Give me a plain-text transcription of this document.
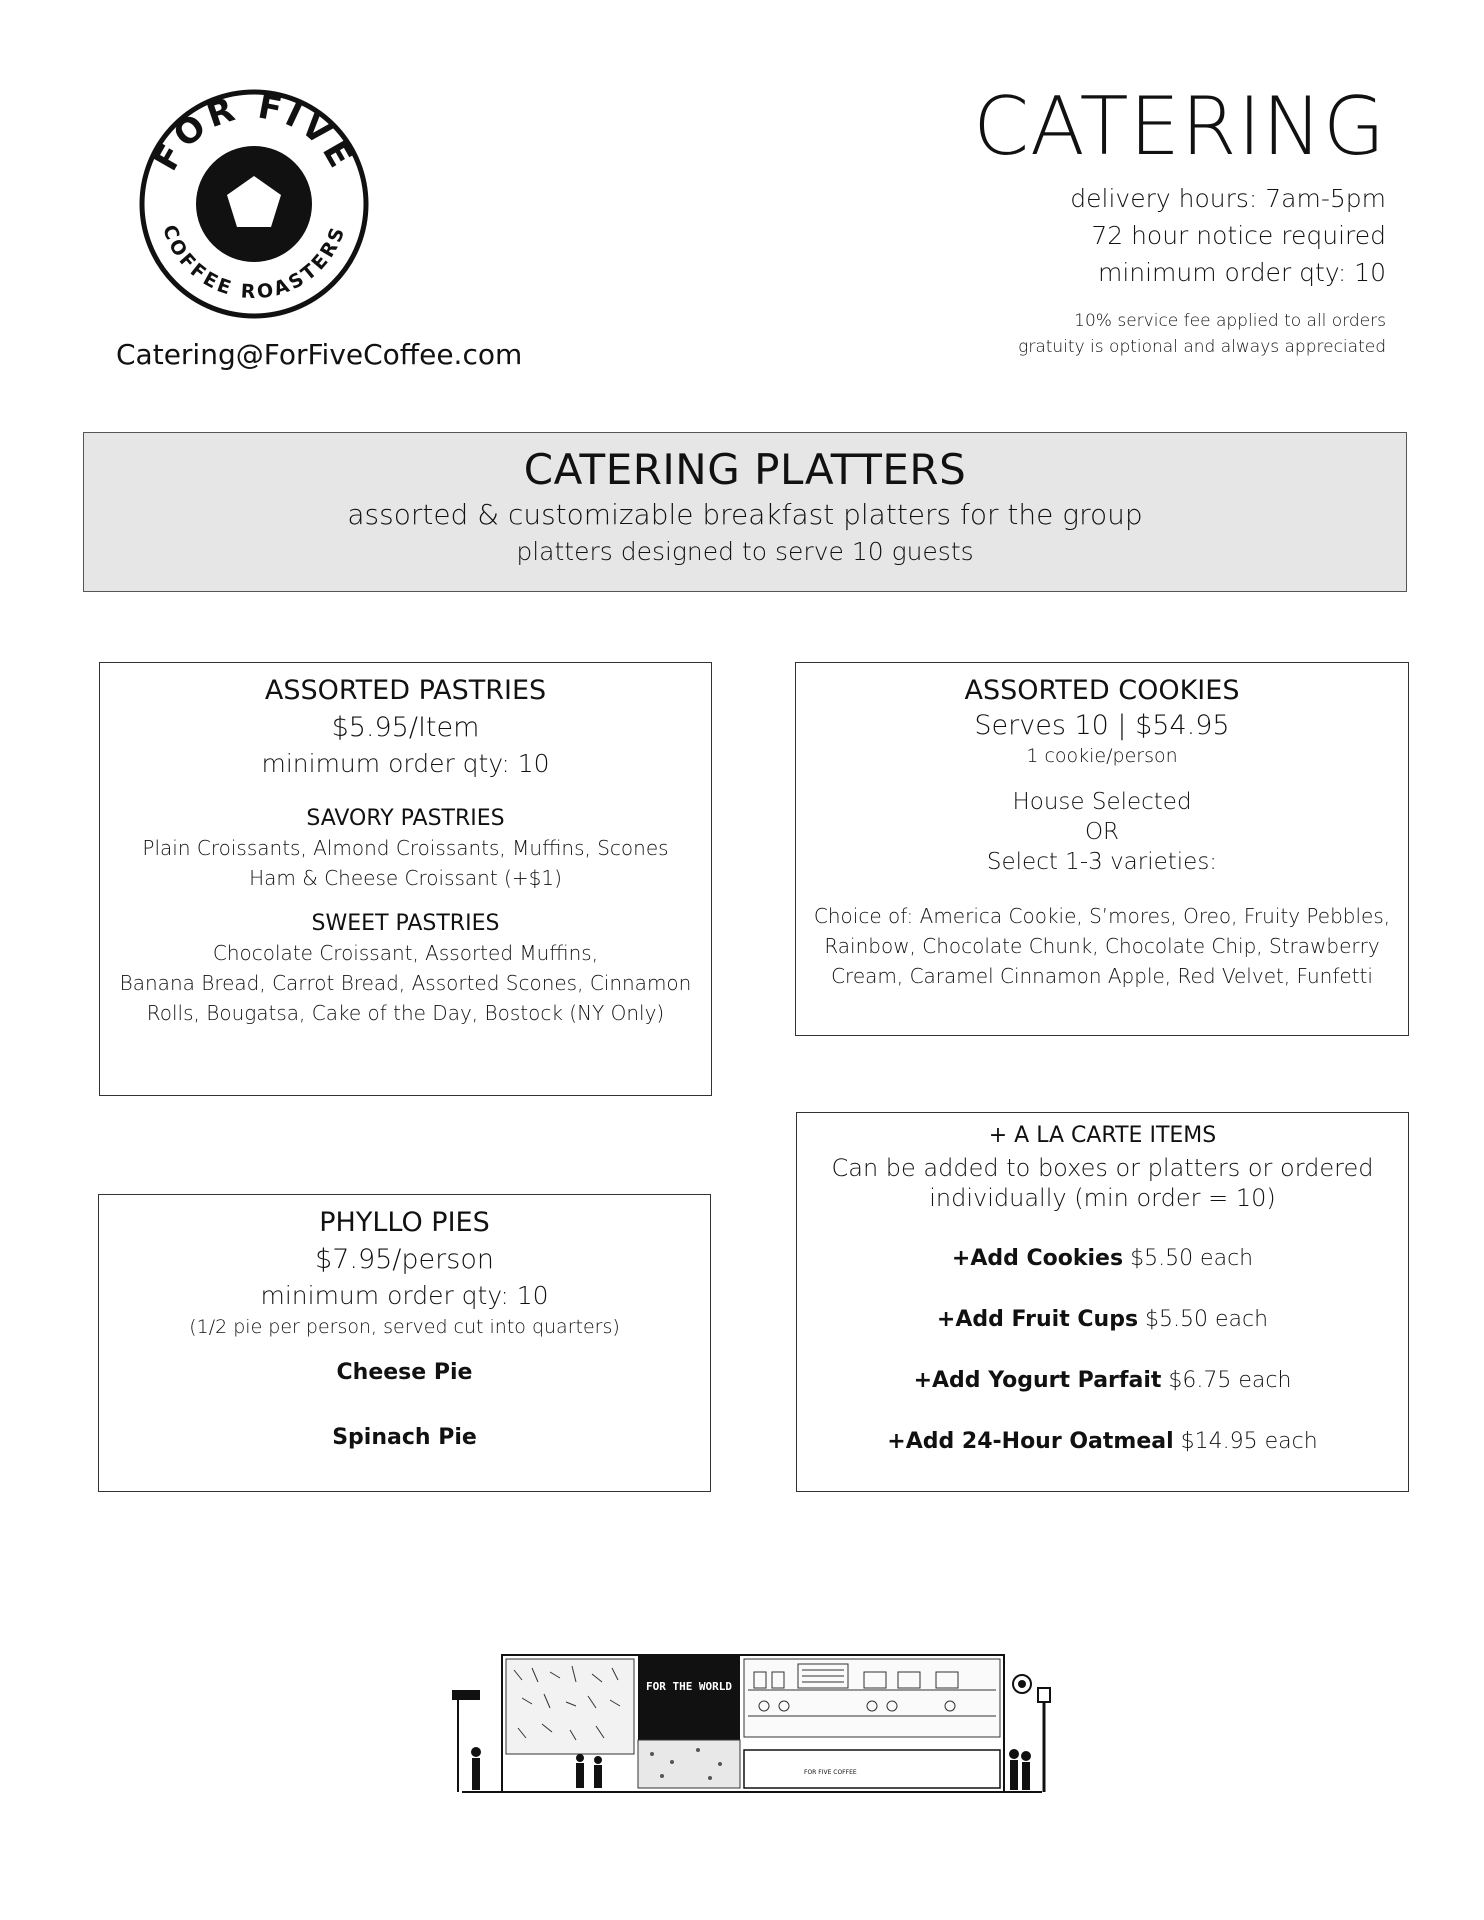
FOR FIVE
COFFEE ROASTERS
Catering@ForFiveCoffee.com
CATERING
delivery hours: 7am-5pm
72 hour notice required
minimum order qty: 10
10% service fee applied to all orders
gratuity is optional and always appreciated
CATERING PLATTERS
assorted & customizable breakfast platters for the group
platters designed to serve 10 guests
ASSORTED PASTRIES
$5.95/Item
minimum order qty: 10
SAVORY PASTRIES
Plain Croissants, Almond Croissants, Muffins, Scones
Ham & Cheese Croissant (+$1)
SWEET PASTRIES
Chocolate Croissant, Assorted Muffins,
Banana Bread, Carrot Bread, Assorted Scones, Cinnamon
Rolls, Bougatsa, Cake of the Day, Bostock (NY Only)
ASSORTED COOKIES
Serves 10 | $54.95
1 cookie/person
House Selected
OR
Select 1-3 varieties:
Choice of: America Cookie, S’mores, Oreo, Fruity Pebbles,
Rainbow, Chocolate Chunk, Chocolate Chip, Strawberry
Cream, Caramel Cinnamon Apple, Red Velvet, Funfetti
PHYLLO PIES
$7.95/person
minimum order qty: 10
(1/2 pie per person, served cut into quarters)
Cheese Pie
Spinach Pie
+ A LA CARTE ITEMS
Can be added to boxes or platters or ordered
individually (min order = 10)
+Add Cookies $5.50 each
+Add Fruit Cups $5.50 each
+Add Yogurt Parfait $6.75 each
+Add 24-Hour Oatmeal $14.95 each
FOR THE WORLD
FOR FIVE COFFEE
